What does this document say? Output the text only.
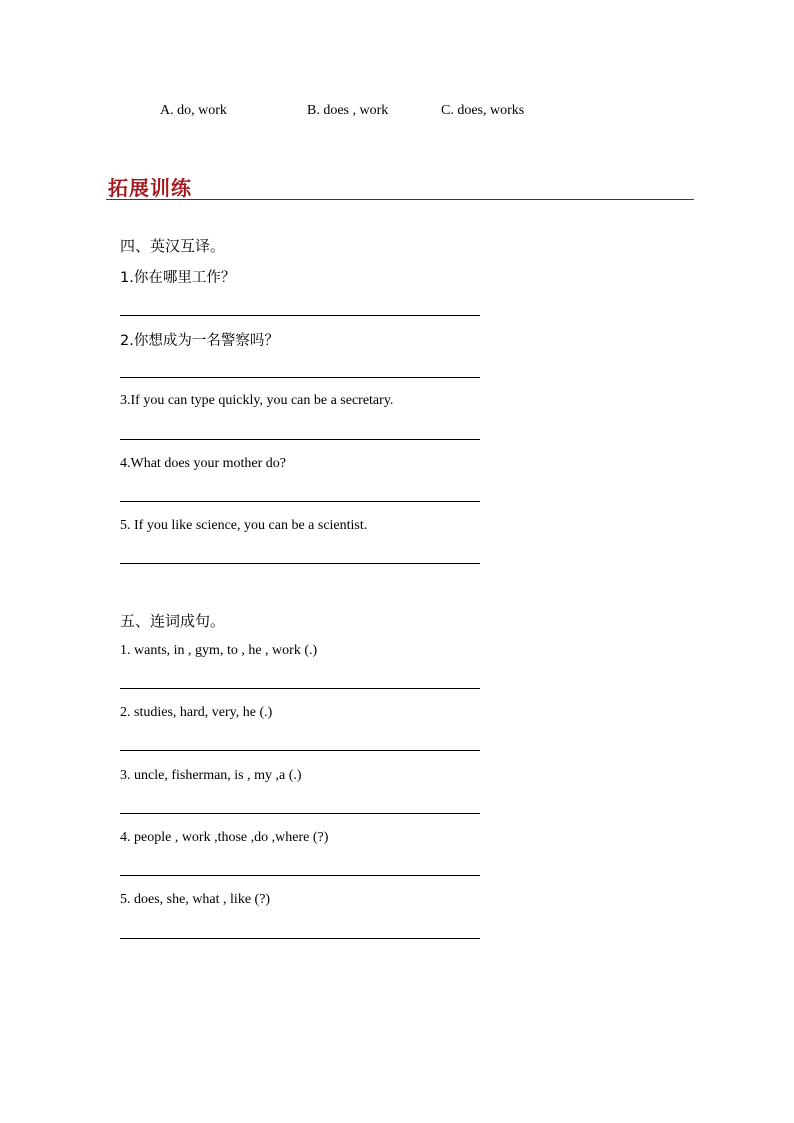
A. do, work	B. does , work	C. does, works
拓展训练
四、英汉互译。
1.你在哪里工作？
2.你想成为一名警察吗？
3.If you can type quickly, you can be a secretary.
4.What does your mother do?
5. If you like science, you can be a scientist.
五、连词成句。
1. wants, in , gym, to , he , work (.)
2. studies, hard, very, he (.)
3. uncle, fisherman, is , my ,a (.)
4. people , work ,those ,do ,where (?)
5. does, she, what , like (?)
